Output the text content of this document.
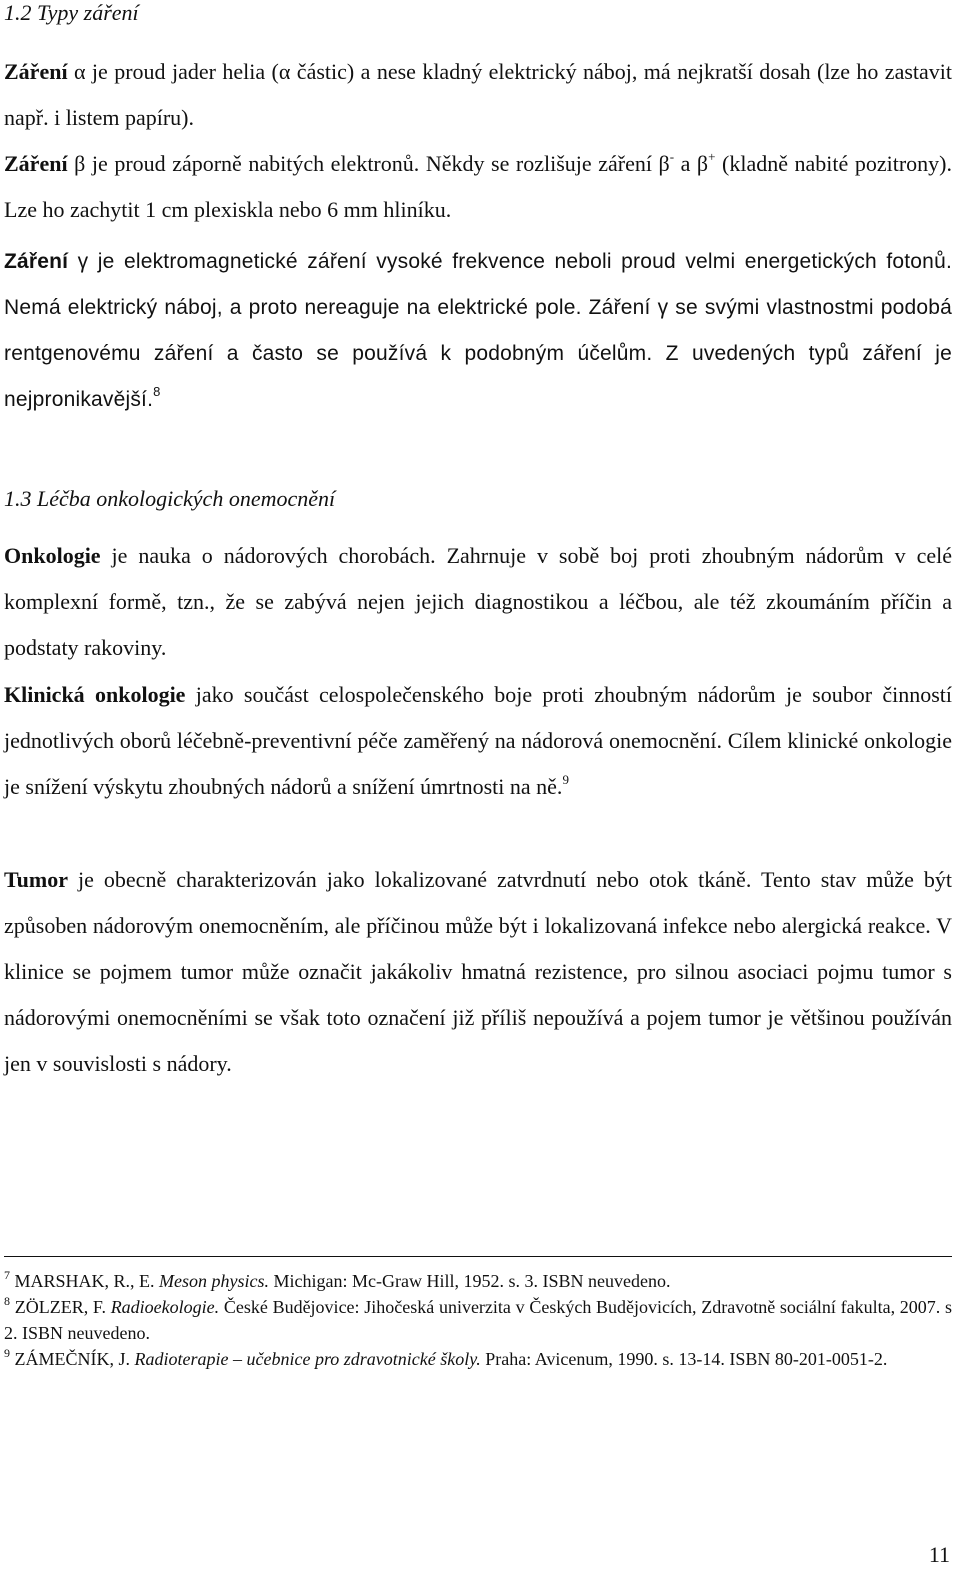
1.2 Typy záření

Záření α je proud jader helia (α částic) a nese kladný elektrický náboj, má nejkratší dosah (lze ho zastavit např. i listem papíru).

Záření β je proud záporně nabitých elektronů. Někdy se rozlišuje záření β- a β+ (kladně nabité pozitrony). Lze ho zachytit 1 cm plexiskla nebo 6 mm hliníku.

Záření γ je elektromagnetické záření vysoké frekvence neboli proud velmi energetických fotonů. Nemá elektrický náboj, a proto nereaguje na elektrické pole. Záření γ se svými vlastnostmi podobá rentgenovému záření a často se používá k podobným účelům. Z uvedených typů záření je nejpronikavější.$^8$

1.3 Léčba onkologických onemocnění

Onkologie je nauka o nádorových chorobách. Zahrnuje v sobě boj proti zhoubným nádorům v celé komplexní formě, tzn., že se zabývá nejen jejich diagnostikou a léčbou, ale též zkoumáním příčin a podstaty rakoviny.

Klinická onkologie jako součást celospolečenského boje proti zhoubným nádorům je soubor činností jednotlivých oborů léčebně-preventivní péče zaměřený na nádorová onemocnění. Cílem klinické onkologie je snížení výskytu zhoubných nádorů a snížení úmrtnosti na ně.$^9$

Tumor je obecně charakterizován jako lokalizované zatvrdnutí nebo otok tkáně. Tento stav může být způsoben nádorovým onemocněním, ale příčinou může být i lokalizovaná infekce nebo alergická reakce. V klinice se pojmem tumor může označit jakákoliv hmatná rezistence, pro silnou asociaci pojmu tumor s nádorovými onemocněními se však toto označení již příliš nepoužívá a pojem tumor je většinou používán jen v souvislosti s nádory.

$^7$ MARSHAK, R., E. Meson physics. Michigan: Mc-Graw Hill, 1952. s. 3. ISBN neuvedeno.

$^8$ ZÖLZER, F. Radioekologie. České Budějovice: Jihočeská univerzita v Českých Budějovicích, Zdravotně sociální fakulta, 2007. s 2. ISBN neuvedeno.

$^9$ ZÁMEČNÍK, J. Radioterapie – učebnice pro zdravotnické školy. Praha: Avicenum, 1990. s. 13-14. ISBN 80-201-0051-2.

11
